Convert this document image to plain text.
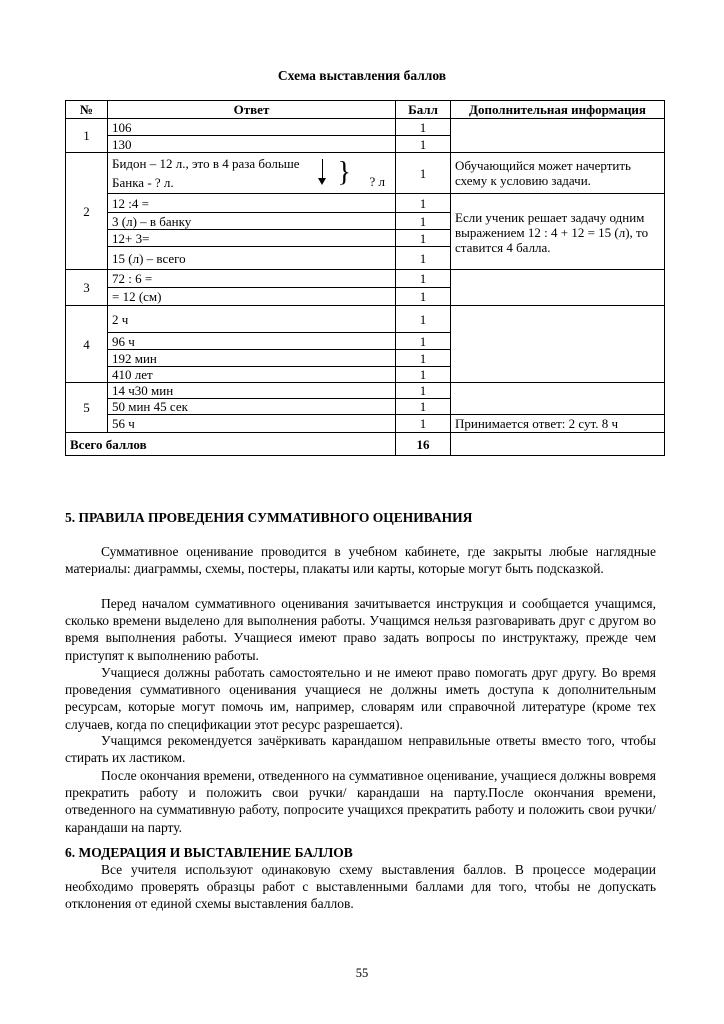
Схема выставления баллов
№	Ответ	Балл	Дополнительная информация
1	106	1	
	130	1	
2	Бидон – 12 л., это в 4 раза больше
Банка - ? л. } ? л	1	Обучающийся может начертить схему к условию задачи.
	12 :4 =	1	Если ученик решает задачу одним выражением 12 : 4 + 12 = 15 (л), то ставится 4 балла.
	3 (л) – в банку	1	
	12+ 3=	1	
	15 (л) – всего	1	
3	72 : 6 =	1	
	= 12 (см)	1	
4	2 ч	1	
	96 ч	1	
	192 мин	1	
	410 лет	1	
5	14 ч30 мин	1	
	50 мин 45 сек	1	
	56 ч	1	Принимается ответ: 2 сут. 8 ч
Всего баллов		16	
5. ПРАВИЛА ПРОВЕДЕНИЯ СУММАТИВНОГО ОЦЕНИВАНИЯ

Суммативное оценивание проводится в учебном кабинете, где закрыты любые наглядные материалы: диаграммы, схемы, постеры, плакаты или карты, которые могут быть подсказкой.

Перед началом суммативного оценивания зачитывается инструкция и сообщается учащимся, сколько времени выделено для выполнения работы. Учащимся нельзя разговаривать друг с другом во время выполнения работы. Учащиеся имеют право задать вопросы по инструктажу, прежде чем приступят к выполнению работы.

Учащиеся должны работать самостоятельно и не имеют право помогать друг другу. Во время проведения суммативного оценивания учащиеся не должны иметь доступа к дополнительным ресурсам, которые могут помочь им, например, словарям или справочной литературе (кроме тех случаев, когда по спецификации этот ресурс разрешается).

Учащимся рекомендуется зачёркивать карандашом неправильные ответы вместо того, чтобы стирать их ластиком.

После окончания времени, отведенного на суммативное оценивание, учащиеся должны вовремя прекратить работу и положить свои ручки/ карандаши на парту.После окончания времени, отведенного на суммативную работу, попросите учащихся прекратить работу и положить свои ручки/ карандаши на парту.

6. МОДЕРАЦИЯ И ВЫСТАВЛЕНИЕ БАЛЛОВ

Все учителя используют одинаковую схему выставления баллов. В процессе модерации необходимо проверять образцы работ с выставленными баллами для того, чтобы не допускать отклонения от единой схемы выставления баллов.

55
